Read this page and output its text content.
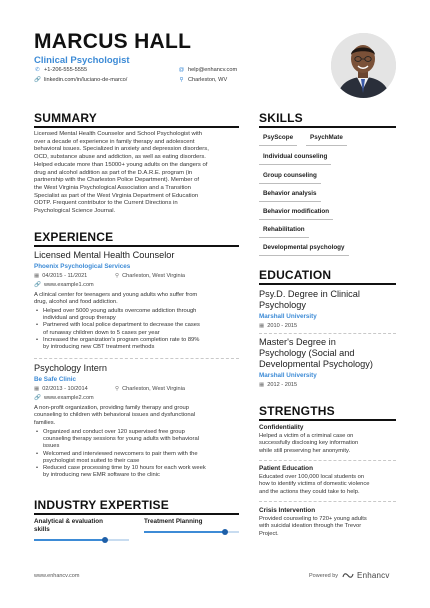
MARCUS HALL
Clinical Psychologist
✆ +1-206-555-5555	@ help@enhancv.com
🔗 linkedin.com/in/luciano-de-marco/	⚲ Charleston, WV
SUMMARY
Licensed Mental Health Counselor and School Psychologist with
over a decade of experience in family therapy and adolescent
behavioral issues. Specialized in anxiety and depression disorders,
OCD, substance abuse and addiction, as well as eating disorders.
Helped educate more than 15000+ young adults on the dangers of
drug and alcohol addition as part of the D.A.R.E. program (in
partnership with the Charleston Police Department). Member of
the West Virginia Psychological Association and a Transition
Specialist as part of the West Virginia Department of Education
ODTP. Frequent contributor to the Current Directions in
Psychological Science Journal.
EXPERIENCE
Licensed Mental Health Counselor
Phoenix Psychological Services
▦ 04/2015 - 11/2021	⚲ Charleston, West Virginia
🔗 www.example1.com
A clinical center for teenagers and young adults who suffer from
drug, alcohol and food addiction.
• Helped over 5000 young adults overcome addiction through
individual and group therapy
• Partnered with local police department to decrease the cases
of runaway children down to 5 cases per year
• Increased the organization's program completion rate to 89%
by introducing new CBT treatment methods
Psychology Intern
Be Safe Clinic
▦ 02/2013 - 10/2014	⚲ Charleston, West Virginia
🔗 www.example2.com
A non-profit organization, providing family therapy and group
counseling to children with behavioral issues and dysfunctional
families.
• Organized and conduct over 120 supervised free group
counseling therapy sessions for young adults with behavioral
issues
• Welcomed and interviewed newcomers to pair them with the
psychologist most suited to their case
• Reduced case processing time by 10 hours for each work week
by introducing new EMR software to the clinic
INDUSTRY EXPERTISE
Analytical & evaluation
skills
Treatment Planning
SKILLS
PsyScope	PsychMate
Individual counseling
Group counseling
Behavior analysis
Behavior modification
Rehabilitation
Developmental psychology
EDUCATION
Psy.D. Degree in Clinical
Psychology
Marshall University
▦ 2010 - 2015
Master's Degree in
Psychology (Social and
Developmental Psychology)
Marshall University
▦ 2012 - 2015
STRENGTHS
Confidentiality
Helped a victim of a criminal case on
successfully disclosing key information
while still preserving her anonymity.
Patient Education
Educated over 100,000 local students on
how to identify victims of domestic violence
and the actions they could take to help.
Crisis Intervention
Provided counseling to 720+ young adults
with suicidal ideation through the Trevor
Project.
www.enhancv.com	Powered by Enhancv
